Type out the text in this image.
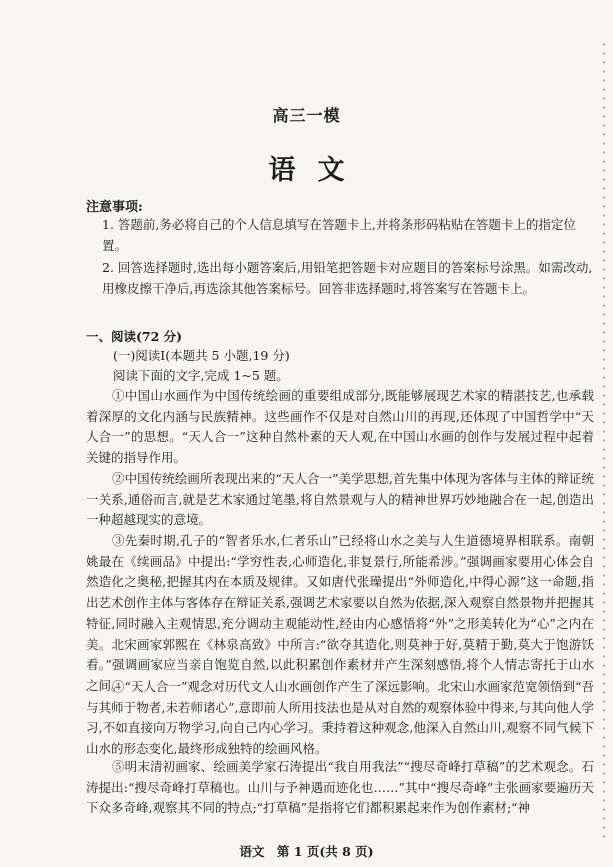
高三一模
语文
注意事项:
1. 答题前,务必将自己的个人信息填写在答题卡上,并将条形码粘贴在答题卡上的指定位置。
2. 回答选择题时,选出每小题答案后,用铅笔把答题卡对应题目的答案标号涂黑。如需改动,用橡皮擦干净后,再选涂其他答案标号。回答非选择题时,将答案写在答题卡上。
一、阅读(72 分)
(一)阅读Ⅰ(本题共 5 小题,19 分)
阅读下面的文字,完成 1~5 题。
①中国山水画作为中国传统绘画的重要组成部分,既能够展现艺术家的精湛技艺,也承载着深厚的文化内涵与民族精神。这些画作不仅是对自然山川的再现,还体现了中国哲学中“天人合一”的思想。“天人合一”这种自然朴素的天人观,在中国山水画的创作与发展过程中起着关键的指导作用。
②中国传统绘画所表现出来的“天人合一”美学思想,首先集中体现为客体与主体的辩证统一关系,通俗而言,就是艺术家通过笔墨,将自然景观与人的精神世界巧妙地融合在一起,创造出一种超越现实的意境。
③先秦时期,孔子的“智者乐水,仁者乐山”已经将山水之美与人生道德境界相联系。南朝姚最在《续画品》中提出:“学穷性表,心师造化,非复景行,所能希涉。”强调画家要用心体会自然造化之奥秘,把握其内在本质及规律。又如唐代张璪提出“外师造化,中得心源”这一命题,指出艺术创作主体与客体存在辩证关系,强调艺术家要以自然为依据,深入观察自然景物并把握其特征,同时融入主观情思,充分调动主观能动性,经由内心感悟将“外”之形美转化为“心”之内在美。北宋画家郭熙在《林泉高致》中所言:“欲夺其造化,则莫神于好,莫精于勤,莫大于饱游饫看。”强调画家应当亲自饱览自然,以此积累创作素材并产生深刻感悟,将个人情志寄托于山水之间。
④“天人合一”观念对历代文人山水画创作产生了深远影响。北宋山水画家范宽领悟到“吾与其师于物者,未若师诸心”,意即前人所用技法也是从对自然的观察体验中得来,与其向他人学习,不如直接向万物学习,向自己内心学习。秉持着这种观念,他深入自然山川,观察不同气候下山水的形态变化,最终形成独特的绘画风格。
⑤明末清初画家、绘画美学家石涛提出“我自用我法”“搜尽奇峰打草稿”的艺术观念。石涛提出:“搜尽奇峰打草稿也。山川与予神遇而迹化也……”其中“搜尽奇峰”主张画家要遍历天下众多奇峰,观察其不同的特点;“打草稿”是指将它们都积累起来作为创作素材;“神
语文　第 1 页(共 8 页)
